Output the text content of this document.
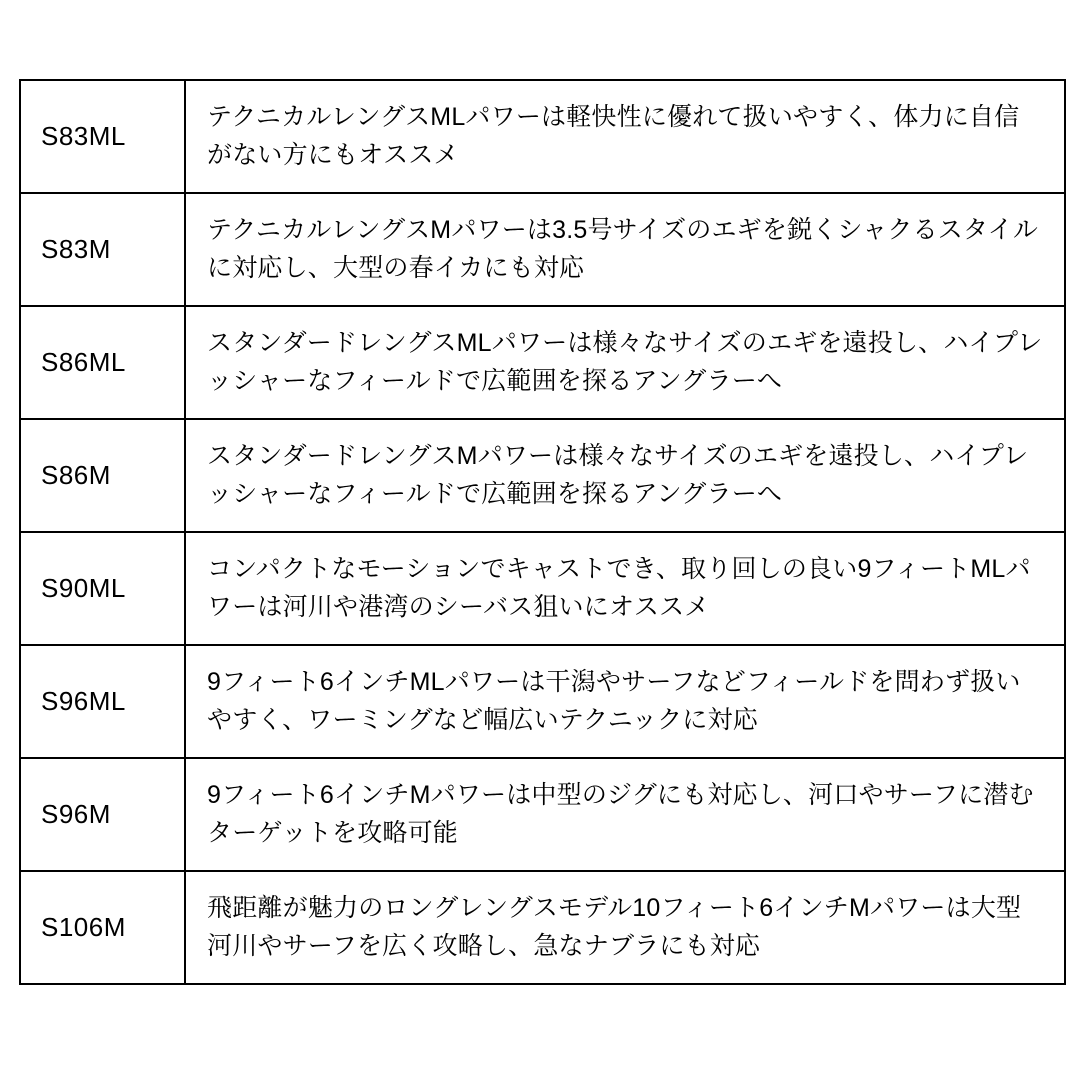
S83ML	テクニカルレングスMLパワーは軽快性に優れて扱いやすく、体力に自信がない方にもオススメ
S83M	テクニカルレングスMパワーは3.5号サイズのエギを鋭くシャクるスタイルに対応し、大型の春イカにも対応
S86ML	スタンダードレングスMLパワーは様々なサイズのエギを遠投し、ハイプレッシャーなフィールドで広範囲を探るアングラーへ
S86M	スタンダードレングスMパワーは様々なサイズのエギを遠投し、ハイプレッシャーなフィールドで広範囲を探るアングラーへ
S90ML	コンパクトなモーションでキャストでき、取り回しの良い9フィートMLパワーは河川や港湾のシーバス狙いにオススメ
S96ML	9フィート6インチMLパワーは干潟やサーフなどフィールドを問わず扱いやすく、ワーミングなど幅広いテクニックに対応
S96M	9フィート6インチMパワーは中型のジグにも対応し、河口やサーフに潜むターゲットを攻略可能
S106M	飛距離が魅力のロングレングスモデル10フィート6インチMパワーは大型河川やサーフを広く攻略し、急なナブラにも対応
